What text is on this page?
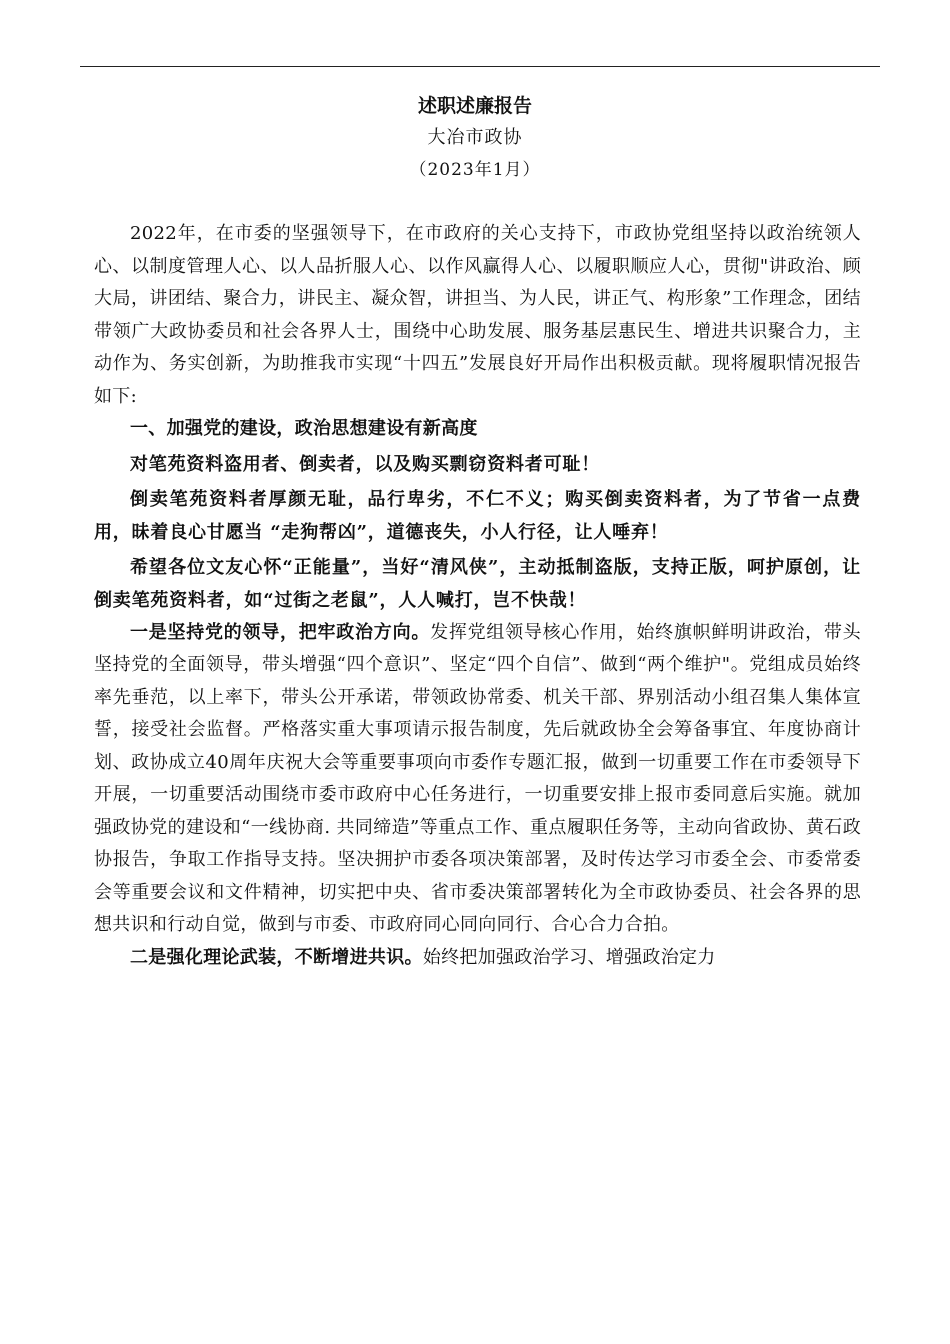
述职述廉报告
大冶市政协
（2023年1月）

2022年，在市委的坚强领导下，在市政府的关心支持下，市政协党组坚持以政治统领人心、以制度管理人心、以人品折服人心、以作风赢得人心、以履职顺应人心，贯彻"讲政治、顾大局，讲团结、聚合力，讲民主、凝众智，讲担当、为人民，讲正气、构形象”工作理念，团结带领广大政协委员和社会各界人士，围绕中心助发展、服务基层惠民生、增进共识聚合力，主动作为、务实创新，为助推我市实现“十四五”发展良好开局作出积极贡献。现将履职情况报告如下:

一、加强党的建设，政治思想建设有新高度

对笔苑资料盗用者、倒卖者，以及购买剽窃资料者可耻！

倒卖笔苑资料者厚颜无耻，品行卑劣，不仁不义；购买倒卖资料者，为了节省一点费用，昧着良心甘愿当 “走狗帮凶”，道德丧失，小人行径，让人唾弃！

希望各位文友心怀“正能量”，当好“清风侠”，主动抵制盗版，支持正版，呵护原创，让倒卖笔苑资料者，如“过街之老鼠”，人人喊打，岂不快哉！

一是坚持党的领导，把牢政治方向。发挥党组领导核心作用，始终旗帜鲜明讲政治，带头坚持党的全面领导，带头增强“四个意识”、坚定“四个自信”、做到“两个维护"。党组成员始终率先垂范，以上率下，带头公开承诺，带领政协常委、机关干部、界别活动小组召集人集体宣誓，接受社会监督。严格落实重大事项请示报告制度，先后就政协全会筹备事宜、年度协商计划、政协成立40周年庆祝大会等重要事项向市委作专题汇报，做到一切重要工作在市委领导下开展，一切重要活动围绕市委市政府中心任务进行，一切重要安排上报市委同意后实施。就加强政协党的建设和“一线协商. 共同缔造”等重点工作、重点履职任务等，主动向省政协、黄石政协报告，争取工作指导支持。坚决拥护市委各项决策部署，及时传达学习市委全会、市委常委会等重要会议和文件精神，切实把中央、省市委决策部署转化为全市政协委员、社会各界的思想共识和行动自觉，做到与市委、市政府同心同向同行、合心合力合拍。

二是强化理论武装，不断增进共识。始终把加强政治学习、增强政治定力
